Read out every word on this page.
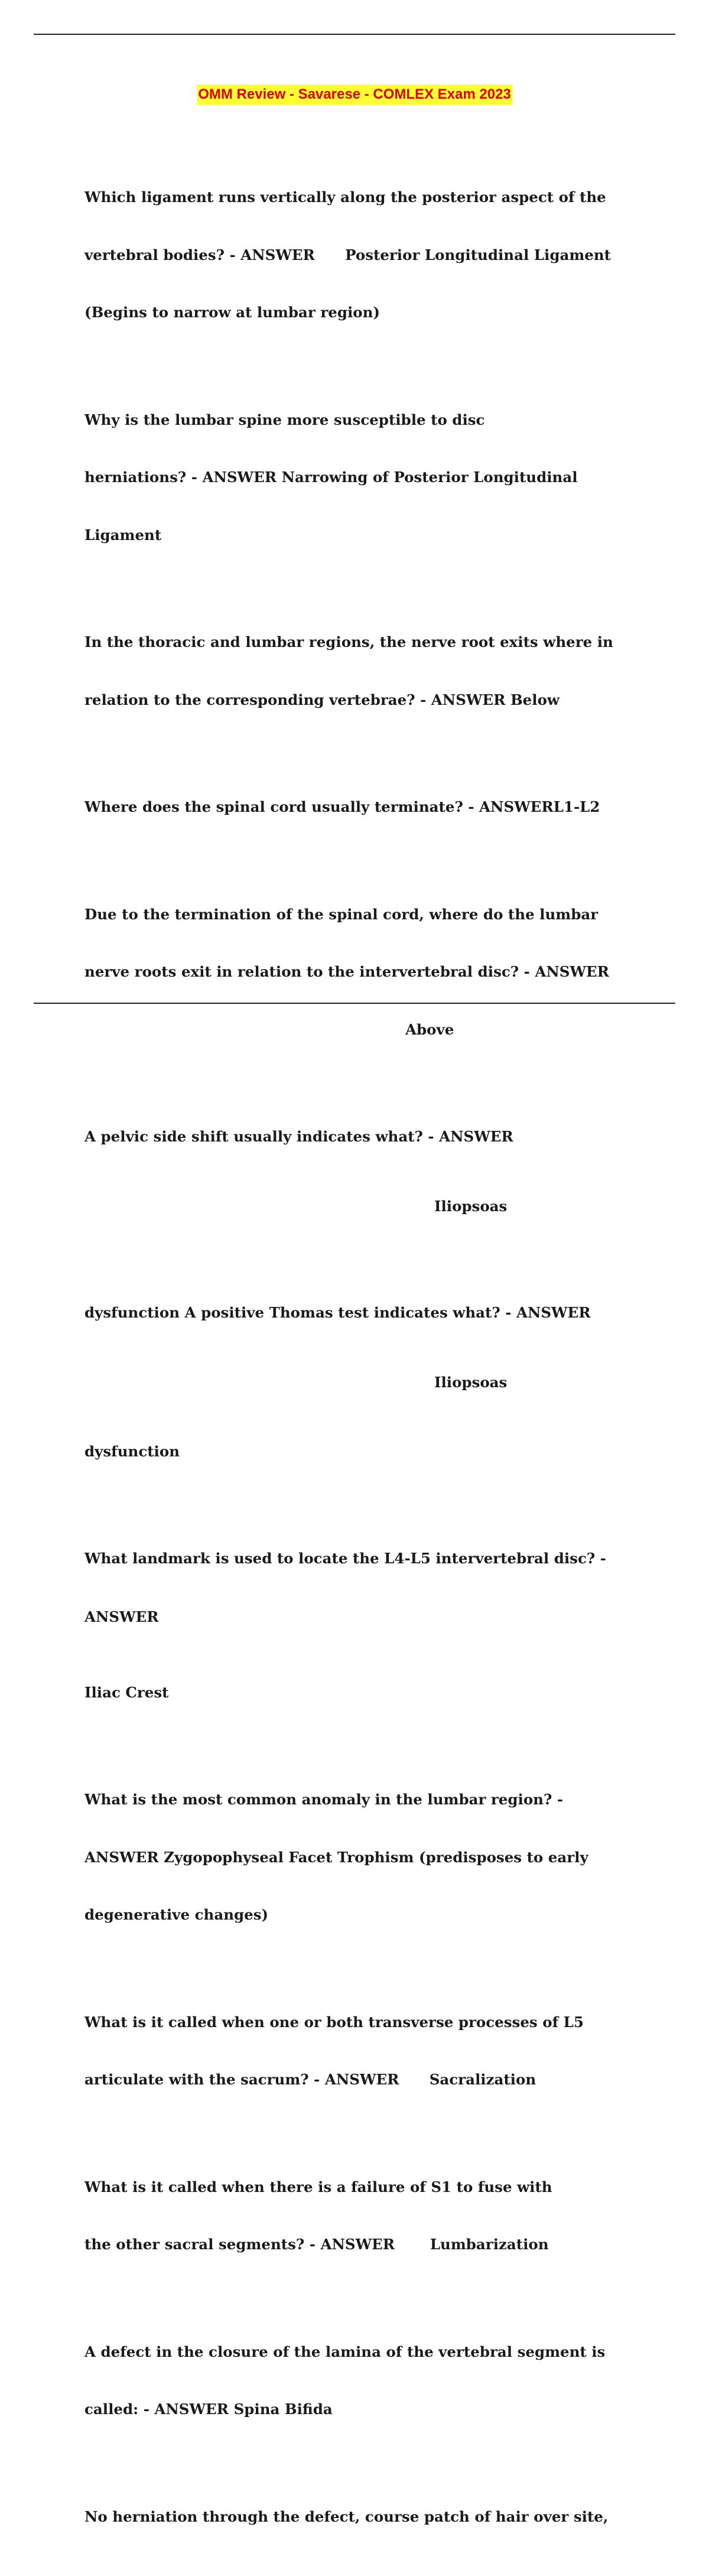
OMM Review - Savarese - COMLEX Exam 2023

Which ligament runs vertically along the posterior aspect of the

vertebral bodies? - ANSWER      Posterior Longitudinal Ligament

(Begins to narrow at lumbar region)

Why is the lumbar spine more susceptible to disc

herniations? - ANSWER Narrowing of Posterior Longitudinal

Ligament

In the thoracic and lumbar regions, the nerve root exits where in

relation to the corresponding vertebrae? - ANSWER Below

Where does the spinal cord usually terminate? - ANSWERL1-L2

Due to the termination of the spinal cord, where do the lumbar

nerve roots exit in relation to the intervertebral disc? - ANSWER

Above

A pelvic side shift usually indicates what? - ANSWER

Iliopsoas

dysfunction A positive Thomas test indicates what? - ANSWER

Iliopsoas

dysfunction

What landmark is used to locate the L4-L5 intervertebral disc? -

ANSWER

Iliac Crest

What is the most common anomaly in the lumbar region? -

ANSWER Zygopophyseal Facet Trophism (predisposes to early

degenerative changes)

What is it called when one or both transverse processes of L5

articulate with the sacrum? - ANSWER      Sacralization

What is it called when there is a failure of S1 to fuse with

the other sacral segments? - ANSWER       Lumbarization

A defect in the closure of the lamina of the vertebral segment is

called: - ANSWER Spina Bifida

No herniation through the defect, course patch of hair over site,
